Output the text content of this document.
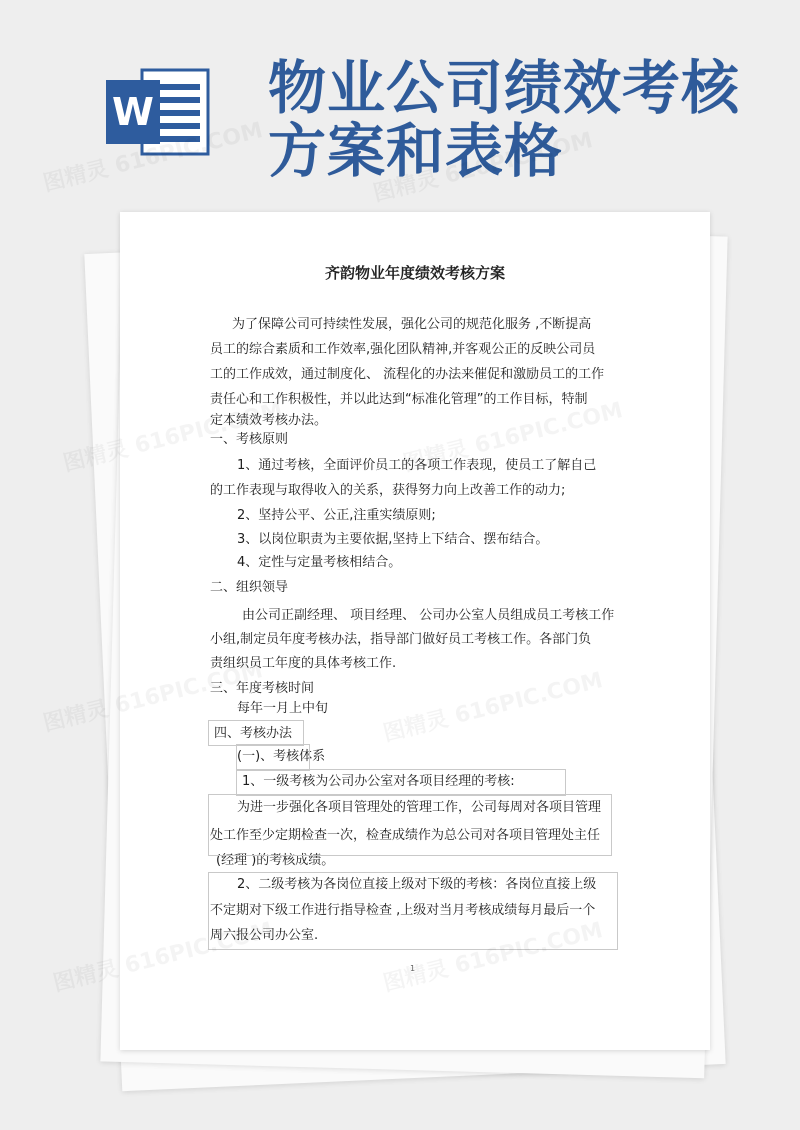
W 物业公司绩效考核
方案和表格
齐韵物业年度绩效考核方案

为了保障公司可持续性发展，强化公司的规范化服务 ,不断提高

员工的综合素质和工作效率,强化团队精神,并客观公正的反映公司员

工的工作成效，通过制度化、 流程化的办法来催促和激励员工的工作

责任心和工作积极性，并以此达到“标准化管理”的工作目标，特制

定本绩效考核办法。

一、考核原则

1、通过考核，全面评价员工的各项工作表现，使员工了解自己

的工作表现与取得收入的关系，获得努力向上改善工作的动力;

2、坚持公平、公正,注重实绩原则;

3、以岗位职责为主要依据,坚持上下结合、摆布结合。

4、定性与定量考核相结合。

二、组织领导

由公司正副经理、 项目经理、 公司办公室人员组成员工考核工作

小组,制定员年度考核办法，指导部门做好员工考核工作。各部门负

责组织员工年度的具体考核工作.

三、年度考核时间

每年一月上中旬

四、考核办法

(一)、考核体系

1、一级考核为公司办公室对各项目经理的考核:

为进一步强化各项目管理处的管理工作，公司每周对各项目管理

处工作至少定期检查一次，检查成绩作为总公司对各项目管理处主任

(经理 )的考核成绩。

2、二级考核为各岗位直接上级对下级的考核：各岗位直接上级

不定期对下级工作进行指导检查 ,上级对当月考核成绩每月最后一个

周六报公司办公室.

1
